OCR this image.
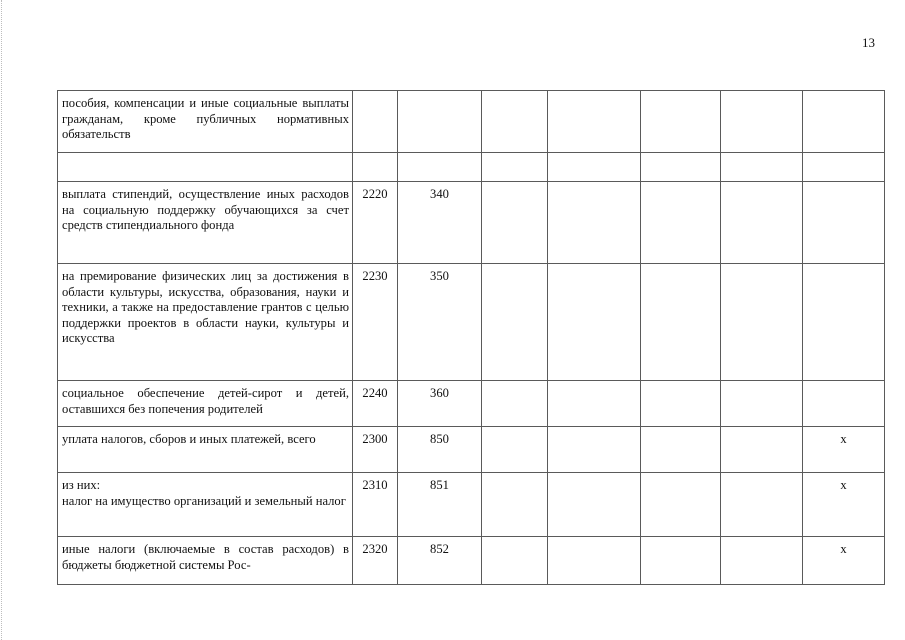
13
пособия, компенсации и иные социальные выплаты гражданам, кроме публичных нормативных обязательств							

выплата стипендий, осуществление иных расходов на социальную поддержку обучающихся за счет средств стипендиального фонда	2220	340					
на премирование физических лиц за достижения в области культуры, искусства, образования, науки и техники, а также на предоставление грантов с целью поддержки проектов в области науки, культуры и искусства	2230	350					
социальное обеспечение детей-сирот и детей, оставшихся без попечения родителей	2240	360					
уплата налогов, сборов и иных платежей, всего	2300	850					x
из них:
налог на имущество организаций и земельный налог	2310	851					x
иные налоги (включаемые в состав расходов) в бюджеты бюджетной системы Рос-	2320	852					x
